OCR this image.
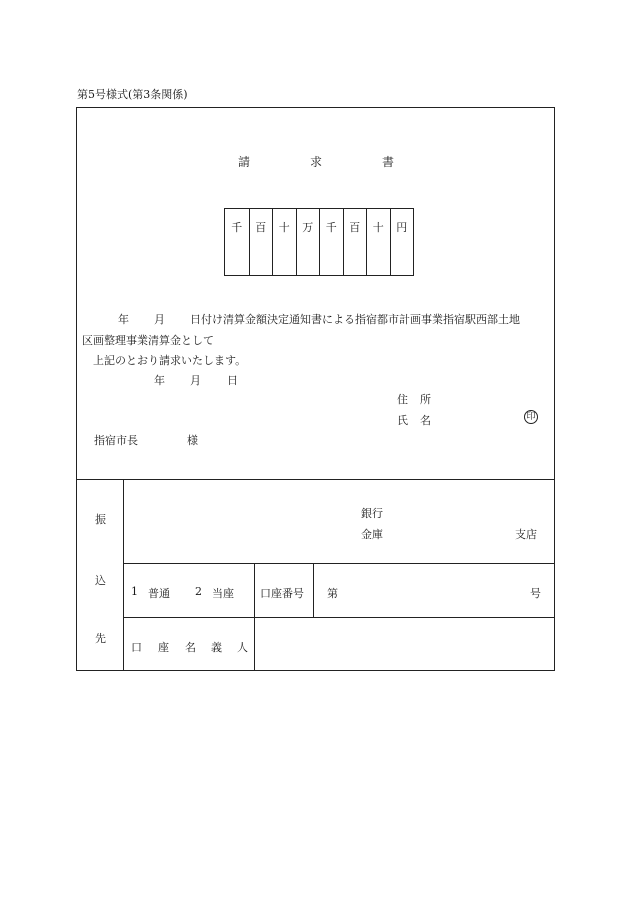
第5号様式(第3条関係)
請	求	書
千	百	十	万	千	百	十	円
年 月 日付け清算金額決定通知書による指宿都市計画事業指宿駅西部土地
区画整理事業清算金として
上記のとおり請求いたします。
年 月 日
住 所
氏 名	印
指宿市長	様
振
込
先
銀行
金庫	支店
1 普通 2 当座 口座番号 第	号
口 座 名 義 人
